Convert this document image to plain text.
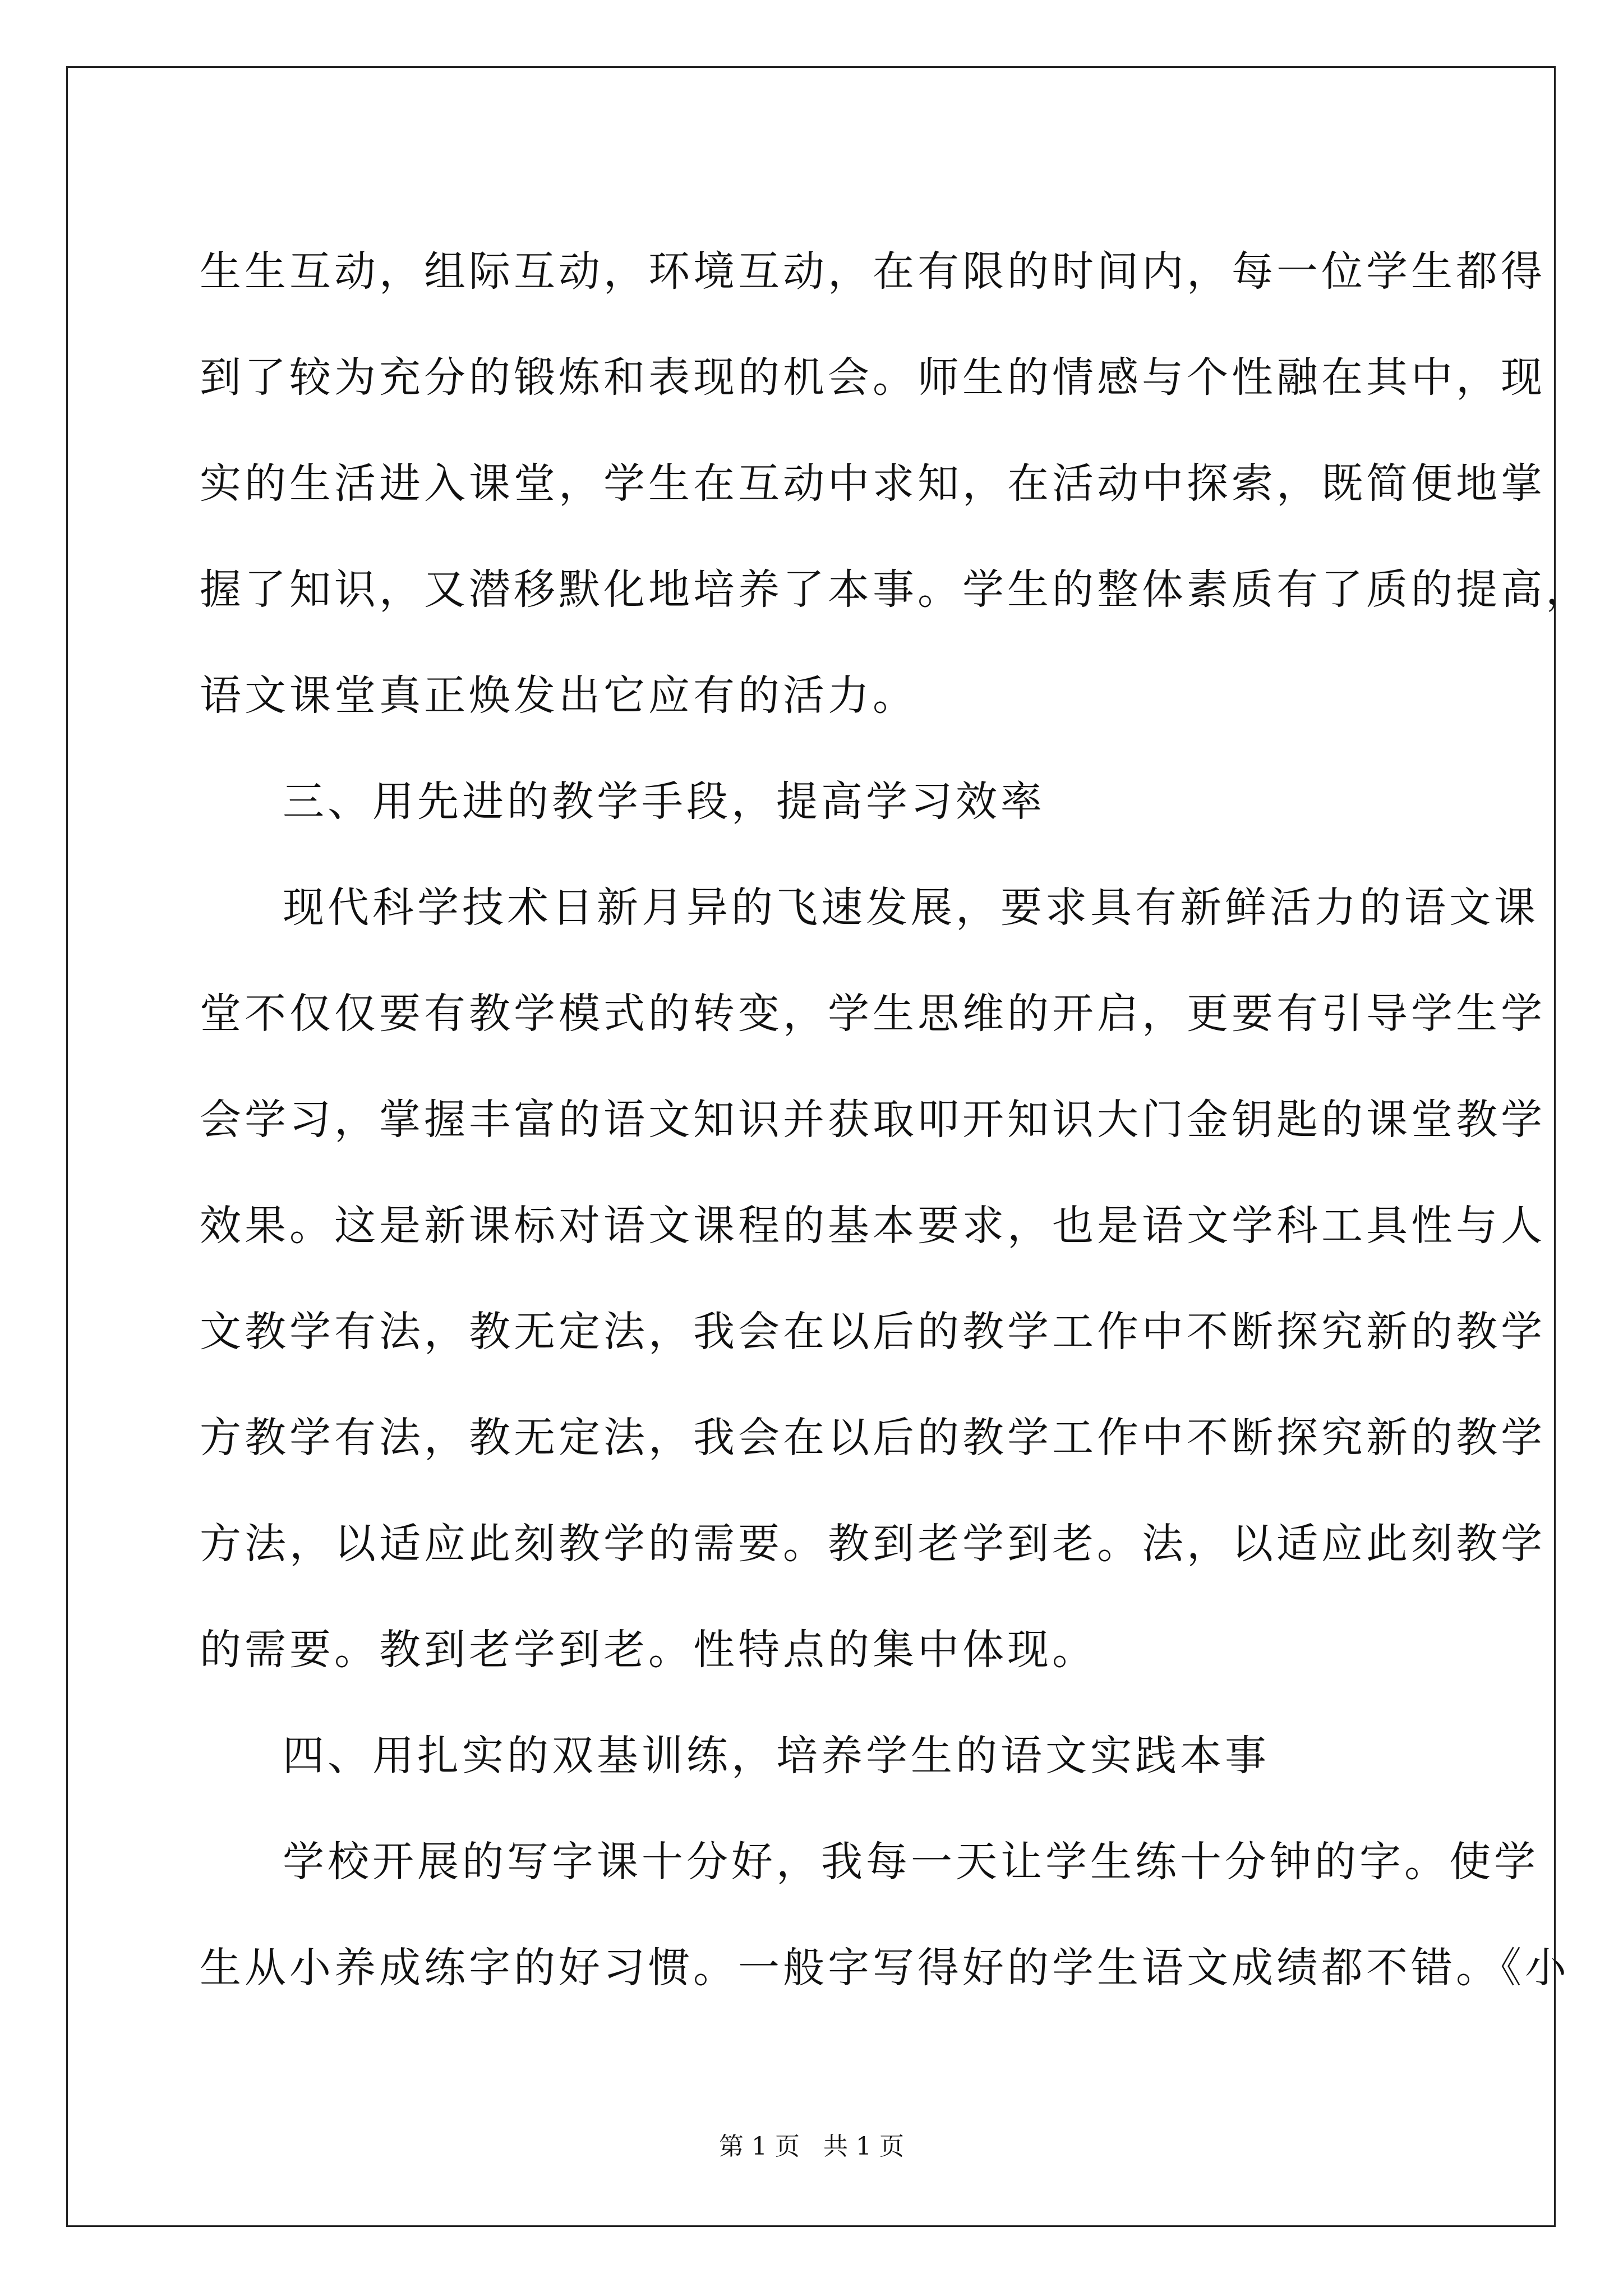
生生互动，组际互动，环境互动，在有限的时间内，每一位学生都得
到了较为充分的锻炼和表现的机会。师生的情感与个性融在其中，现
实的生活进入课堂，学生在互动中求知，在活动中探索，既简便地掌
握了知识，又潜移默化地培养了本事。学生的整体素质有了质的提高，
语文课堂真正焕发出它应有的活力。
三、用先进的教学手段，提高学习效率
现代科学技术日新月异的飞速发展，要求具有新鲜活力的语文课
堂不仅仅要有教学模式的转变，学生思维的开启，更要有引导学生学
会学习，掌握丰富的语文知识并获取叩开知识大门金钥匙的课堂教学
效果。这是新课标对语文课程的基本要求，也是语文学科工具性与人
文教学有法，教无定法，我会在以后的教学工作中不断探究新的教学
方教学有法，教无定法，我会在以后的教学工作中不断探究新的教学
方法，以适应此刻教学的需要。教到老学到老。法，以适应此刻教学
的需要。教到老学到老。性特点的集中体现。
四、用扎实的双基训练，培养学生的语文实践本事
学校开展的写字课十分好，我每一天让学生练十分钟的字。使学
生从小养成练字的好习惯。一般字写得好的学生语文成绩都不错。《小
第 1 页   共 1 页
